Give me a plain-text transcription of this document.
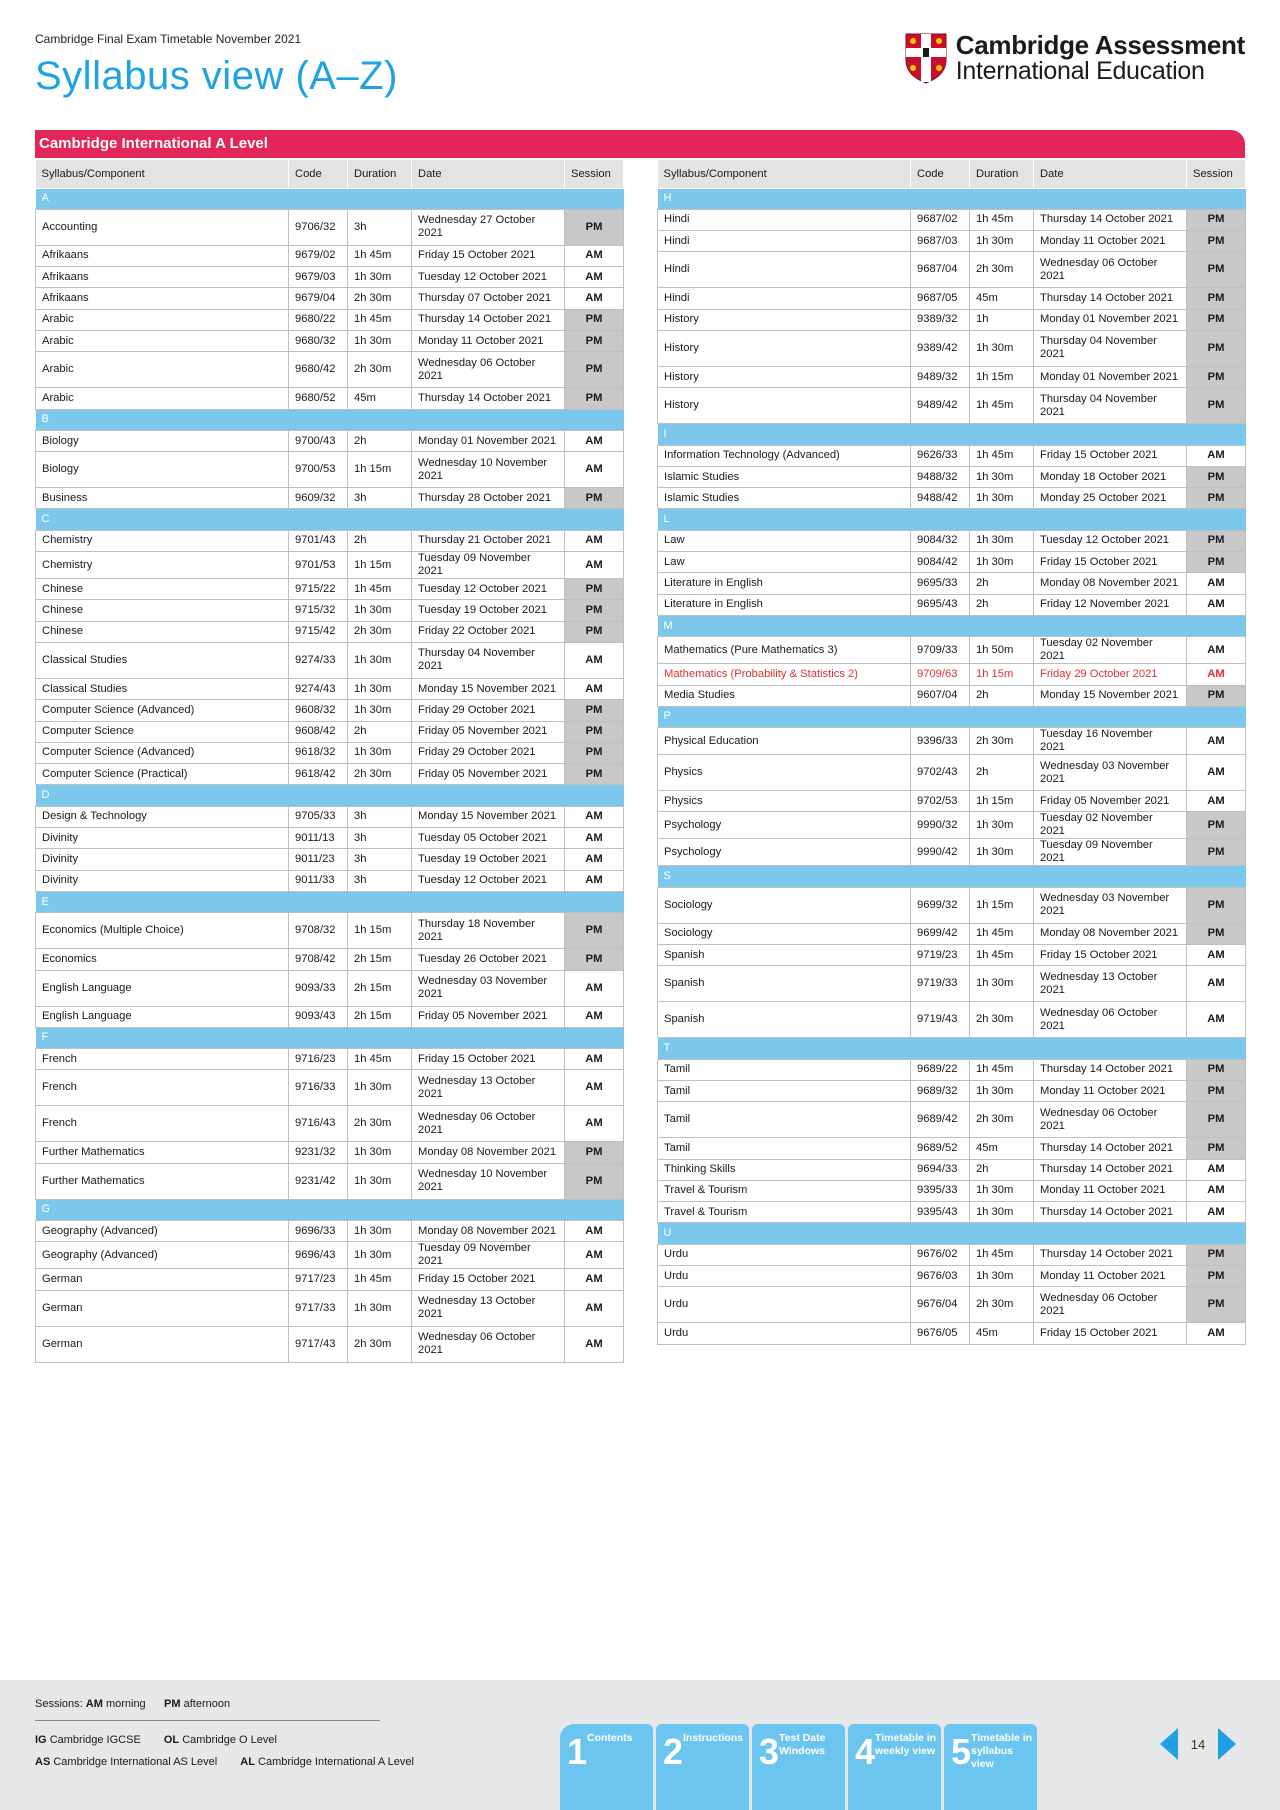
Cambridge Final Exam Timetable November 2021
Syllabus view (A–Z)
Cambridge Assessment
International Education
Cambridge International A Level
Syllabus/Component	Code	Duration	Date	Session
A				
Accounting	9706/32	3h	Wednesday 27 October 2021	PM
Afrikaans	9679/02	1h 45m	Friday 15 October 2021	AM
Afrikaans	9679/03	1h 30m	Tuesday 12 October 2021	AM
Afrikaans	9679/04	2h 30m	Thursday 07 October 2021	AM
Arabic	9680/22	1h 45m	Thursday 14 October 2021	PM
Arabic	9680/32	1h 30m	Monday 11 October 2021	PM
Arabic	9680/42	2h 30m	Wednesday 06 October 2021	PM
Arabic	9680/52	45m	Thursday 14 October 2021	PM
B				
Biology	9700/43	2h	Monday 01 November 2021	AM
Biology	9700/53	1h 15m	Wednesday 10 November 2021	AM
Business	9609/32	3h	Thursday 28 October 2021	PM
C				
Chemistry	9701/43	2h	Thursday 21 October 2021	AM
Chemistry	9701/53	1h 15m	Tuesday 09 November 2021	AM
Chinese	9715/22	1h 45m	Tuesday 12 October 2021	PM
Chinese	9715/32	1h 30m	Tuesday 19 October 2021	PM
Chinese	9715/42	2h 30m	Friday 22 October 2021	PM
Classical Studies	9274/33	1h 30m	Thursday 04 November 2021	AM
Classical Studies	9274/43	1h 30m	Monday 15 November 2021	AM
Computer Science (Advanced)	9608/32	1h 30m	Friday 29 October 2021	PM
Computer Science	9608/42	2h	Friday 05 November 2021	PM
Computer Science (Advanced)	9618/32	1h 30m	Friday 29 October 2021	PM
Computer Science (Practical)	9618/42	2h 30m	Friday 05 November 2021	PM
D				
Design & Technology	9705/33	3h	Monday 15 November 2021	AM
Divinity	9011/13	3h	Tuesday 05 October 2021	AM
Divinity	9011/23	3h	Tuesday 19 October 2021	AM
Divinity	9011/33	3h	Tuesday 12 October 2021	AM
E				
Economics (Multiple Choice)	9708/32	1h 15m	Thursday 18 November 2021	PM
Economics	9708/42	2h 15m	Tuesday 26 October 2021	PM
English Language	9093/33	2h 15m	Wednesday 03 November 2021	AM
English Language	9093/43	2h 15m	Friday 05 November 2021	AM
F				
French	9716/23	1h 45m	Friday 15 October 2021	AM
French	9716/33	1h 30m	Wednesday 13 October 2021	AM
French	9716/43	2h 30m	Wednesday 06 October 2021	AM
Further Mathematics	9231/32	1h 30m	Monday 08 November 2021	PM
Further Mathematics	9231/42	1h 30m	Wednesday 10 November 2021	PM
G				
Geography (Advanced)	9696/33	1h 30m	Monday 08 November 2021	AM
Geography (Advanced)	9696/43	1h 30m	Tuesday 09 November 2021	AM
German	9717/23	1h 45m	Friday 15 October 2021	AM
German	9717/33	1h 30m	Wednesday 13 October 2021	AM
German	9717/43	2h 30m	Wednesday 06 October 2021	AM
Syllabus/Component	Code	Duration	Date	Session
H				
Hindi	9687/02	1h 45m	Thursday 14 October 2021	PM
Hindi	9687/03	1h 30m	Monday 11 October 2021	PM
Hindi	9687/04	2h 30m	Wednesday 06 October 2021	PM
Hindi	9687/05	45m	Thursday 14 October 2021	PM
History	9389/32	1h	Monday 01 November 2021	PM
History	9389/42	1h 30m	Thursday 04 November 2021	PM
History	9489/32	1h 15m	Monday 01 November 2021	PM
History	9489/42	1h 45m	Thursday 04 November 2021	PM
I				
Information Technology (Advanced)	9626/33	1h 45m	Friday 15 October 2021	AM
Islamic Studies	9488/32	1h 30m	Monday 18 October 2021	PM
Islamic Studies	9488/42	1h 30m	Monday 25 October 2021	PM
L				
Law	9084/32	1h 30m	Tuesday 12 October 2021	PM
Law	9084/42	1h 30m	Friday 15 October 2021	PM
Literature in English	9695/33	2h	Monday 08 November 2021	AM
Literature in English	9695/43	2h	Friday 12 November 2021	AM
M				
Mathematics (Pure Mathematics 3)	9709/33	1h 50m	Tuesday 02 November 2021	AM
Mathematics (Probability & Statistics 2)	9709/63	1h 15m	Friday 29 October 2021	AM
Media Studies	9607/04	2h	Monday 15 November 2021	PM
P				
Physical Education	9396/33	2h 30m	Tuesday 16 November 2021	AM
Physics	9702/43	2h	Wednesday 03 November 2021	AM
Physics	9702/53	1h 15m	Friday 05 November 2021	AM
Psychology	9990/32	1h 30m	Tuesday 02 November 2021	PM
Psychology	9990/42	1h 30m	Tuesday 09 November 2021	PM
S				
Sociology	9699/32	1h 15m	Wednesday 03 November 2021	PM
Sociology	9699/42	1h 45m	Monday 08 November 2021	PM
Spanish	9719/23	1h 45m	Friday 15 October 2021	AM
Spanish	9719/33	1h 30m	Wednesday 13 October 2021	AM
Spanish	9719/43	2h 30m	Wednesday 06 October 2021	AM
T				
Tamil	9689/22	1h 45m	Thursday 14 October 2021	PM
Tamil	9689/32	1h 30m	Monday 11 October 2021	PM
Tamil	9689/42	2h 30m	Wednesday 06 October 2021	PM
Tamil	9689/52	45m	Thursday 14 October 2021	PM
Thinking Skills	9694/33	2h	Thursday 14 October 2021	AM
Travel & Tourism	9395/33	1h 30m	Monday 11 October 2021	AM
Travel & Tourism	9395/43	1h 30m	Thursday 14 October 2021	AM
U				
Urdu	9676/02	1h 45m	Thursday 14 October 2021	PM
Urdu	9676/03	1h 30m	Monday 11 October 2021	PM
Urdu	9676/04	2h 30m	Wednesday 06 October 2021	PM
Urdu	9676/05	45m	Friday 15 October 2021	AM
Sessions: AM morning PM afternoon
IG Cambridge IGCSE OL Cambridge O Level
AS Cambridge International AS Level AL Cambridge International A Level	1 Contents 2 Instructions 3 Test Date Windows 4 Timetable in weekly view 5 Timetable in syllabus view
14
